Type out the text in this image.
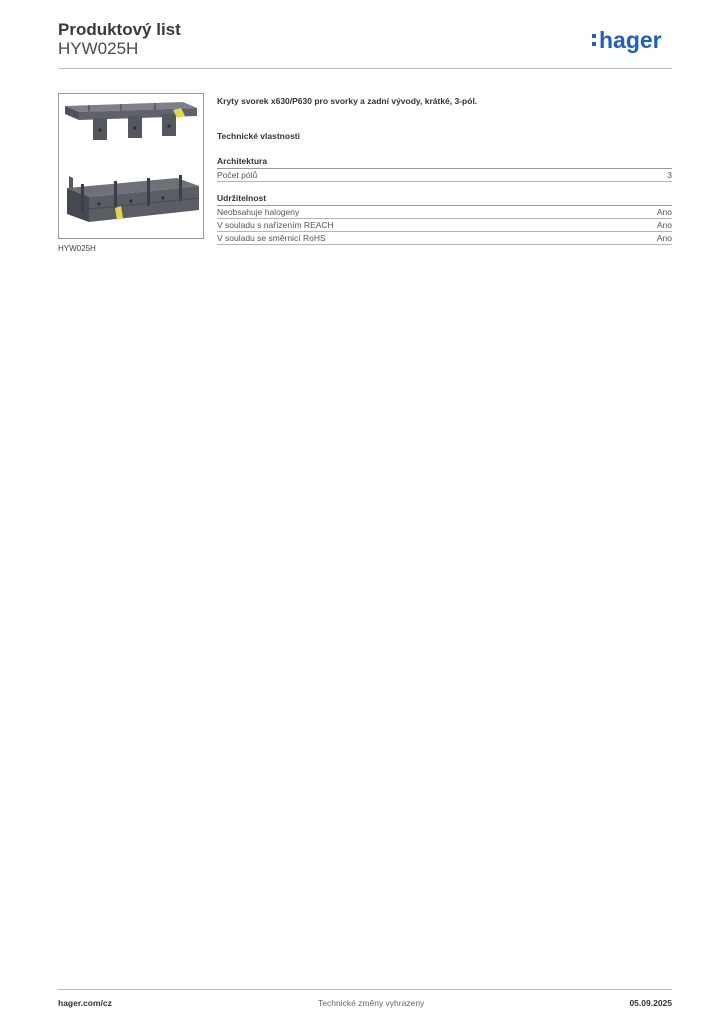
Produktový list
HYW025H	hager
HYW025H
Kryty svorek x630/P630 pro svorky a zadní vývody, krátké, 3-pól.
Technické vlastnosti
Architektura
Počet pólů	3
Udržitelnost
Neobsahuje halogeny	Ano
V souladu s nařízením REACH	Ano
V souladu se směrnicí RoHS	Ano
hager.com/cz	Technické změny vyhrazeny	05.09.2025
